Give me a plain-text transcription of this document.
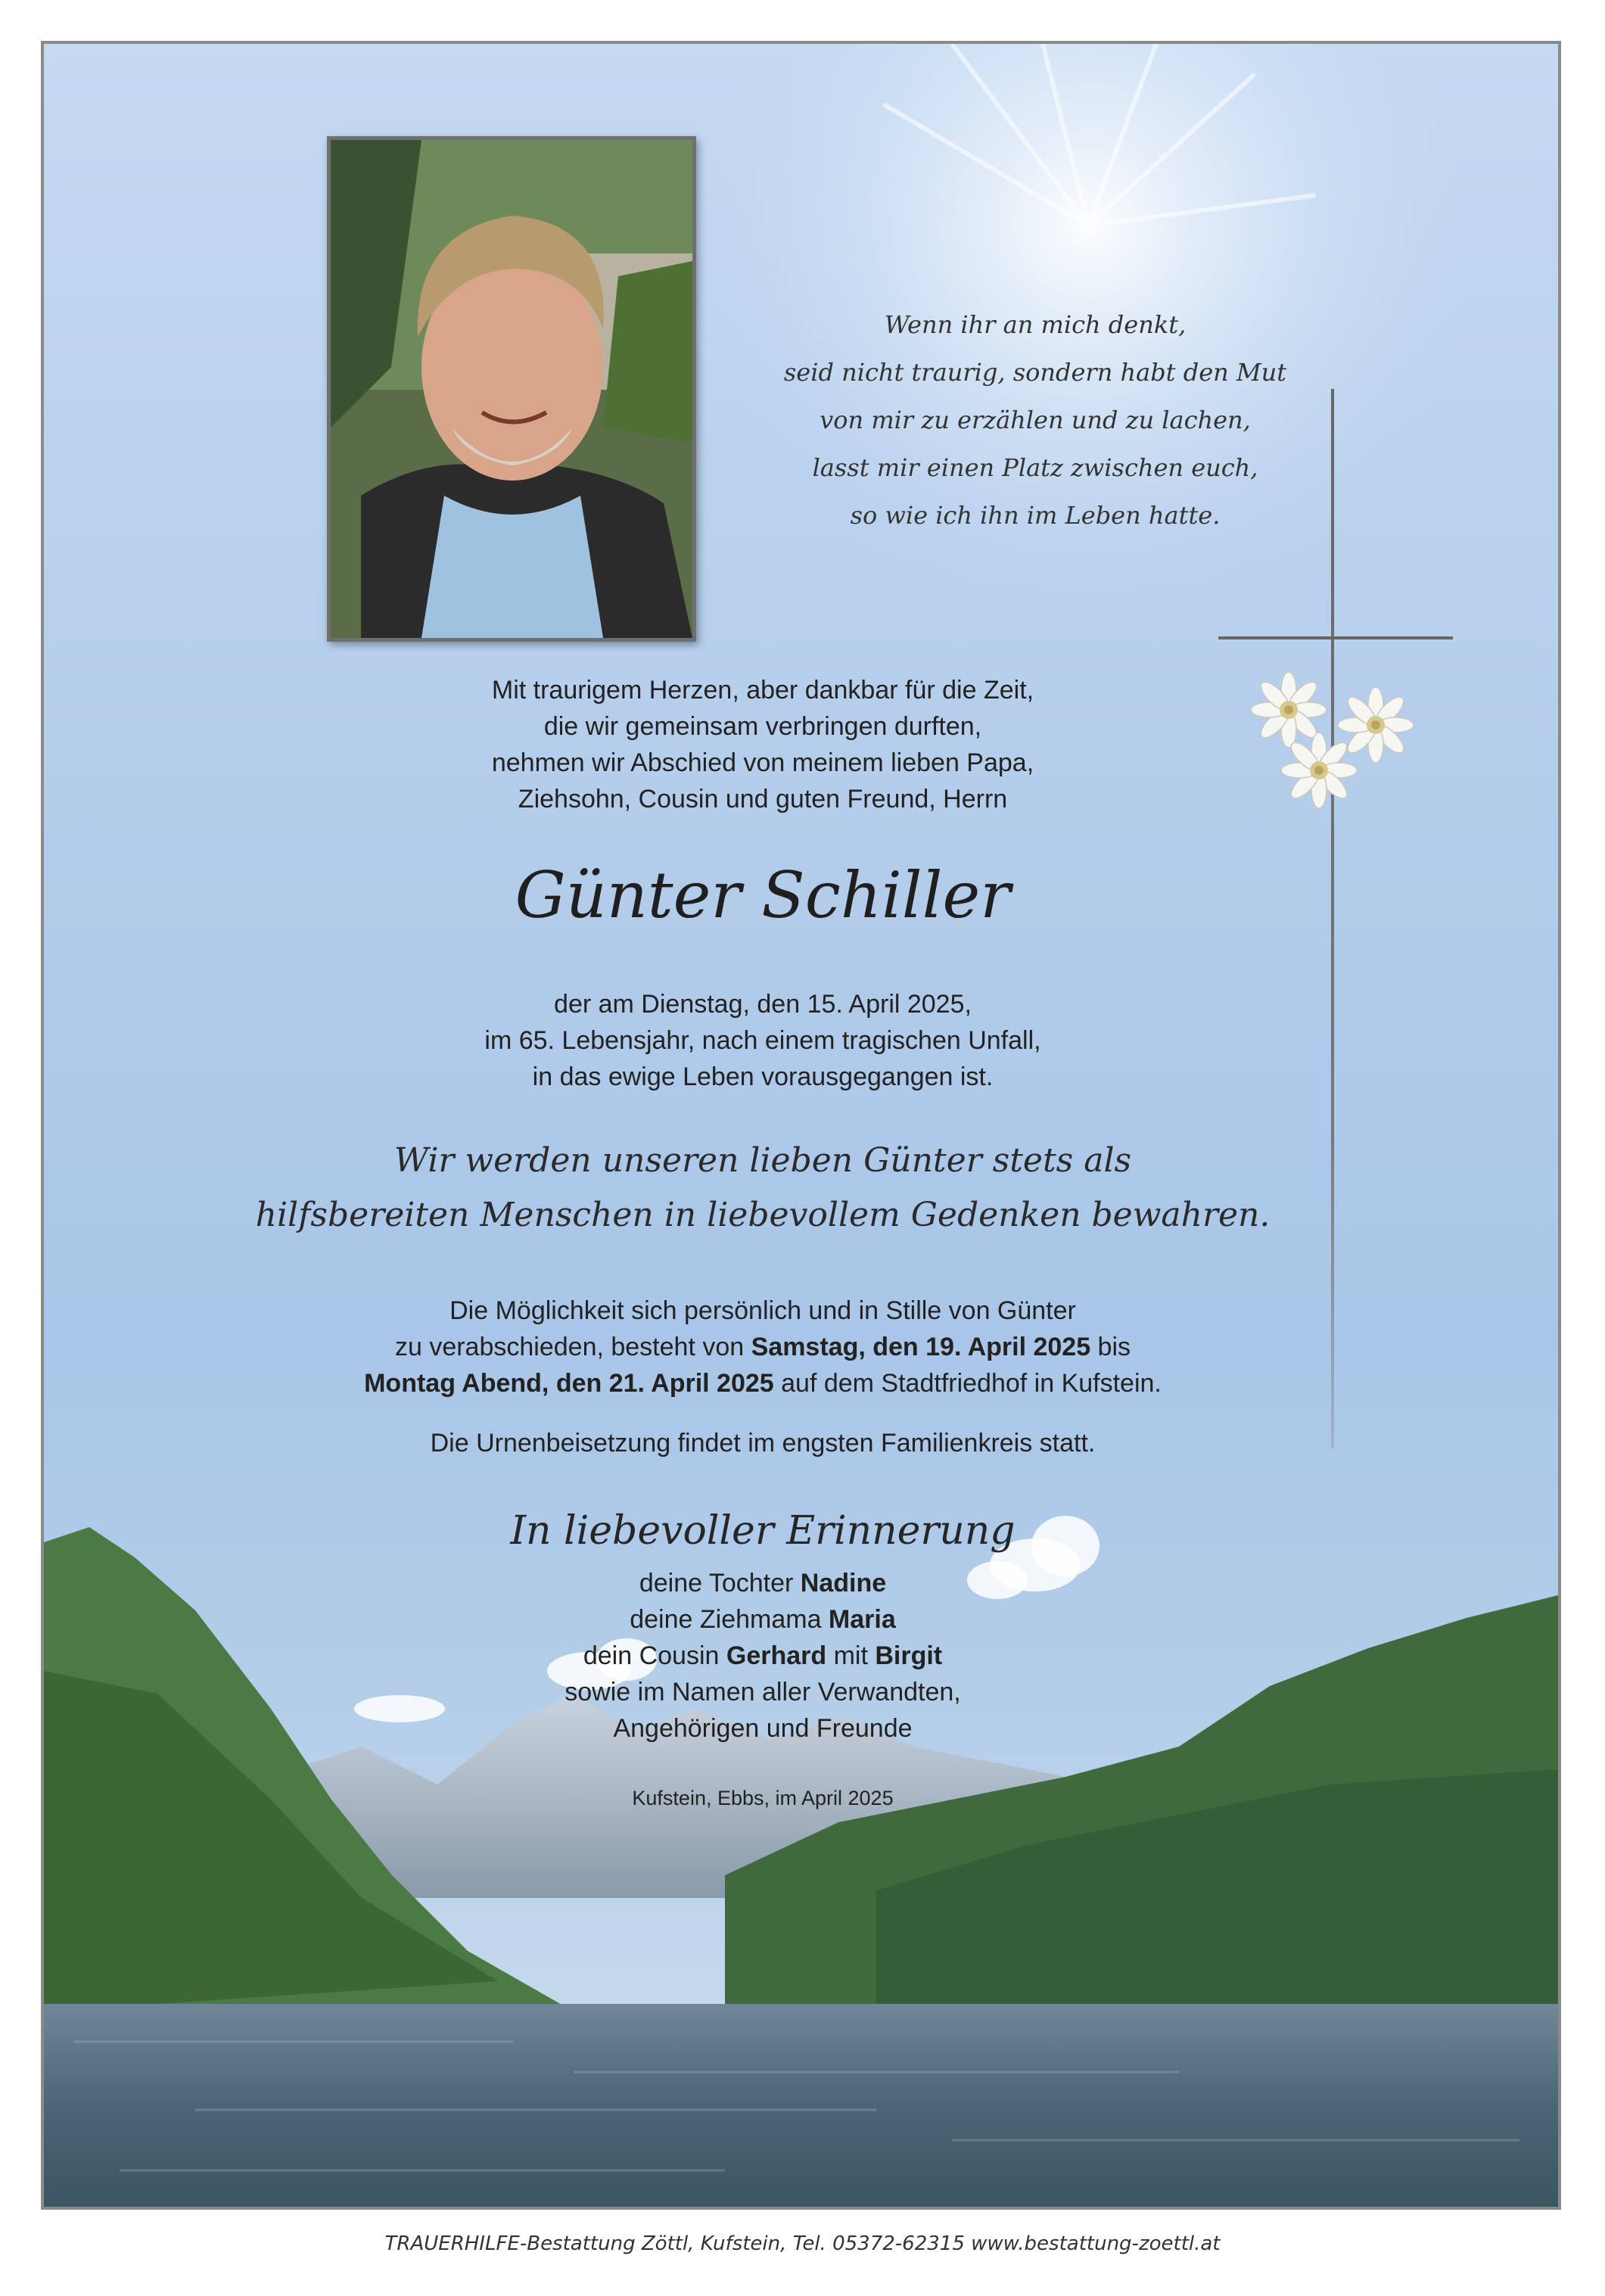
Wenn ihr an mich denkt,
seid nicht traurig, sondern habt den Mut
von mir zu erzählen und zu lachen,
lasst mir einen Platz zwischen euch,
so wie ich ihn im Leben hatte.
Mit traurigem Herzen, aber dankbar für die Zeit,
die wir gemeinsam verbringen durften,
nehmen wir Abschied von meinem lieben Papa,
Ziehsohn, Cousin und guten Freund, Herrn
Günter Schiller
der am Dienstag, den 15. April 2025,
im 65. Lebensjahr, nach einem tragischen Unfall,
in das ewige Leben vorausgegangen ist.
Wir werden unseren lieben Günter stets als
hilfsbereiten Menschen in liebevollem Gedenken bewahren.
Die Möglichkeit sich persönlich und in Stille von Günter
zu verabschieden, besteht von Samstag, den 19. April 2025 bis
Montag Abend, den 21. April 2025 auf dem Stadtfriedhof in Kufstein.
Die Urnenbeisetzung findet im engsten Familienkreis statt.
In liebevoller Erinnerung
deine Tochter Nadine
deine Ziehmama Maria
dein Cousin Gerhard mit Birgit
sowie im Namen aller Verwandten,
Angehörigen und Freunde
Kufstein, Ebbs, im April 2025
TRAUERHILFE-Bestattung Zöttl, Kufstein, Tel. 05372-62315 www.bestattung-zoettl.at
